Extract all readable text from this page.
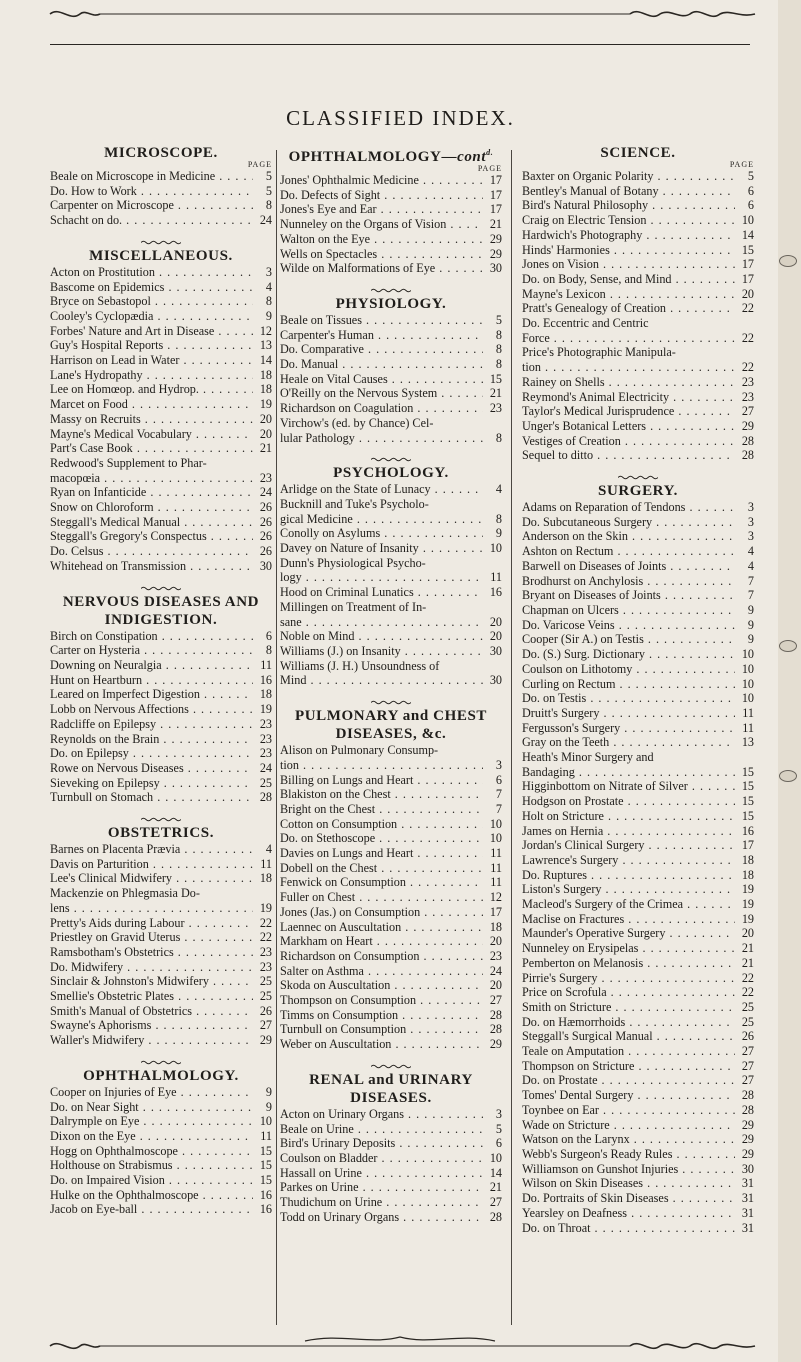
CLASSIFIED INDEX.
MICROSCOPE.
PAGE
Beale on Microscope in Medicine . . .	5
Do. How to Work . . .	5
Carpenter on Microscope . . .	8
Schacht on do. . . .	24
MISCELLANEOUS.
Acton on Prostitution . . .	3
Bascome on Epidemics . . .	4
Bryce on Sebastopol . . .	8
Cooley's Cyclopædia . . .	9
Forbes' Nature and Art in Disease . . .	12
Guy's Hospital Reports . . .	13
Harrison on Lead in Water . . .	14
Lane's Hydropathy . . .	18
Lee on Homœop. and Hydrop. . . .	18
Marcet on Food . . .	19
Massy on Recruits . . .	20
Mayne's Medical Vocabulary . . .	20
Part's Case Book . . .	21
Redwood's Supplement to Phar-
macopœia . . .	23
Ryan on Infanticide . . .	24
Snow on Chloroform . . .	26
Steggall's Medical Manual . . .	26
Steggall's Gregory's Conspectus . . .	26
Do. Celsus . . .	26
Whitehead on Transmission . . .	30
NERVOUS DISEASES AND INDIGESTION.
Birch on Constipation . . .	6
Carter on Hysteria . . .	8
Downing on Neuralgia . . .	11
Hunt on Heartburn . . .	16
Leared on Imperfect Digestion . . .	18
Lobb on Nervous Affections . . .	19
Radcliffe on Epilepsy . . .	23
Reynolds on the Brain . . .	23
Do. on Epilepsy . . .	23
Rowe on Nervous Diseases . . .	24
Sieveking on Epilepsy . . .	25
Turnbull on Stomach . . .	28
OBSTETRICS.
Barnes on Placenta Prævia . . .	4
Davis on Parturition . . .	11
Lee's Clinical Midwifery . . .	18
Mackenzie on Phlegmasia Do-
lens . . .	19
Pretty's Aids during Labour . . .	22
Priestley on Gravid Uterus . . .	22
Ramsbotham's Obstetrics . . .	23
Do. Midwifery . . .	23
Sinclair & Johnston's Midwifery . . .	25
Smellie's Obstetric Plates . . .	25
Smith's Manual of Obstetrics . . .	26
Swayne's Aphorisms . . .	27
Waller's Midwifery . . .	29
OPHTHALMOLOGY.
Cooper on Injuries of Eye . . .	9
Do. on Near Sight . . .	9
Dalrymple on Eye . . .	10
Dixon on the Eye . . .	11
Hogg on Ophthalmoscope . . .	15
Holthouse on Strabismus . . .	15
Do. on Impaired Vision . . .	15
Hulke on the Ophthalmoscope . . .	16
Jacob on Eye-ball . . .	16
OPHTHALMOLOGY—cont$^{d.}$
PAGE
Jones' Ophthalmic Medicine . . .	17
Do. Defects of Sight . . .	17
Jones's Eye and Ear . . .	17
Nunneley on the Organs of Vision . . .	21
Walton on the Eye . . .	29
Wells on Spectacles . . .	29
Wilde on Malformations of Eye . . .	30
PHYSIOLOGY.
Beale on Tissues . . .	5
Carpenter's Human . . .	8
Do. Comparative . . .	8
Do. Manual . . .	8
Heale on Vital Causes . . .	15
O'Reilly on the Nervous System . . .	21
Richardson on Coagulation . . .	23
Virchow's (ed. by Chance) Cel-
lular Pathology . . .	8
PSYCHOLOGY.
Arlidge on the State of Lunacy . . .	4
Bucknill and Tuke's Psycholo-
gical Medicine . . .	8
Conolly on Asylums . . .	9
Davey on Nature of Insanity . . .	10
Dunn's Physiological Psycho-
logy . . .	11
Hood on Criminal Lunatics . . .	16
Millingen on Treatment of In-
sane . . .	20
Noble on Mind . . .	20
Williams (J.) on Insanity . . .	30
Williams (J. H.) Unsoundness of
Mind . . .	30
PULMONARY and CHEST DISEASES, &c.
Alison on Pulmonary Consump-
tion . . .	3
Billing on Lungs and Heart . . .	6
Blakiston on the Chest . . .	7
Bright on the Chest . . .	7
Cotton on Consumption . . .	10
Do. on Stethoscope . . .	10
Davies on Lungs and Heart . . .	11
Dobell on the Chest . . .	11
Fenwick on Consumption . . .	11
Fuller on Chest . . .	12
Jones (Jas.) on Consumption . . .	17
Laennec on Auscultation . . .	18
Markham on Heart . . .	20
Richardson on Consumption . . .	23
Salter on Asthma . . .	24
Skoda on Auscultation . . .	20
Thompson on Consumption . . .	27
Timms on Consumption . . .	28
Turnbull on Consumption . . .	28
Weber on Auscultation . . .	29
RENAL and URINARY DISEASES.
Acton on Urinary Organs . . .	3
Beale on Urine . . .	5
Bird's Urinary Deposits . . .	6
Coulson on Bladder . . .	10
Hassall on Urine . . .	14
Parkes on Urine . . .	21
Thudichum on Urine . . .	27
Todd on Urinary Organs . . .	28
SCIENCE.
PAGE
Baxter on Organic Polarity . . .	5
Bentley's Manual of Botany . . .	6
Bird's Natural Philosophy . . .	6
Craig on Electric Tension . . .	10
Hardwich's Photography . . .	14
Hinds' Harmonies . . .	15
Jones on Vision . . .	17
Do. on Body, Sense, and Mind . . .	17
Mayne's Lexicon . . .	20
Pratt's Genealogy of Creation . . .	22
Do. Eccentric and Centric
Force . . .	22
Price's Photographic Manipula-
tion . . .	22
Rainey on Shells . . .	23
Reymond's Animal Electricity . . .	23
Taylor's Medical Jurisprudence . . .	27
Unger's Botanical Letters . . .	29
Vestiges of Creation . . .	28
Sequel to ditto . . .	28
SURGERY.
Adams on Reparation of Tendons . . .	3
Do. Subcutaneous Surgery . . .	3
Anderson on the Skin . . .	3
Ashton on Rectum . . .	4
Barwell on Diseases of Joints . . .	4
Brodhurst on Anchylosis . . .	7
Bryant on Diseases of Joints . . .	7
Chapman on Ulcers . . .	9
Do. Varicose Veins . . .	9
Cooper (Sir A.) on Testis . . .	9
Do. (S.) Surg. Dictionary . . .	10
Coulson on Lithotomy . . .	10
Curling on Rectum . . .	10
Do. on Testis . . .	10
Druitt's Surgery . . .	11
Fergusson's Surgery . . .	11
Gray on the Teeth . . .	13
Heath's Minor Surgery and
Bandaging . . .	15
Higginbottom on Nitrate of Silver . . .	15
Hodgson on Prostate . . .	15
Holt on Stricture . . .	15
James on Hernia . . .	16
Jordan's Clinical Surgery . . .	17
Lawrence's Surgery . . .	18
Do. Ruptures . . .	18
Liston's Surgery . . .	19
Macleod's Surgery of the Crimea . . .	19
Maclise on Fractures . . .	19
Maunder's Operative Surgery . . .	20
Nunneley on Erysipelas . . .	21
Pemberton on Melanosis . . .	21
Pirrie's Surgery . . .	22
Price on Scrofula . . .	22
Smith on Stricture . . .	25
Do. on Hæmorrhoids . . .	25
Steggall's Surgical Manual . . .	26
Teale on Amputation . . .	27
Thompson on Stricture . . .	27
Do. on Prostate . . .	27
Tomes' Dental Surgery . . .	28
Toynbee on Ear . . .	28
Wade on Stricture . . .	29
Watson on the Larynx . . .	29
Webb's Surgeon's Ready Rules . . .	29
Williamson on Gunshot Injuries . . .	30
Wilson on Skin Diseases . . .	31
Do. Portraits of Skin Diseases . . .	31
Yearsley on Deafness . . .	31
Do. on Throat . . .	31
